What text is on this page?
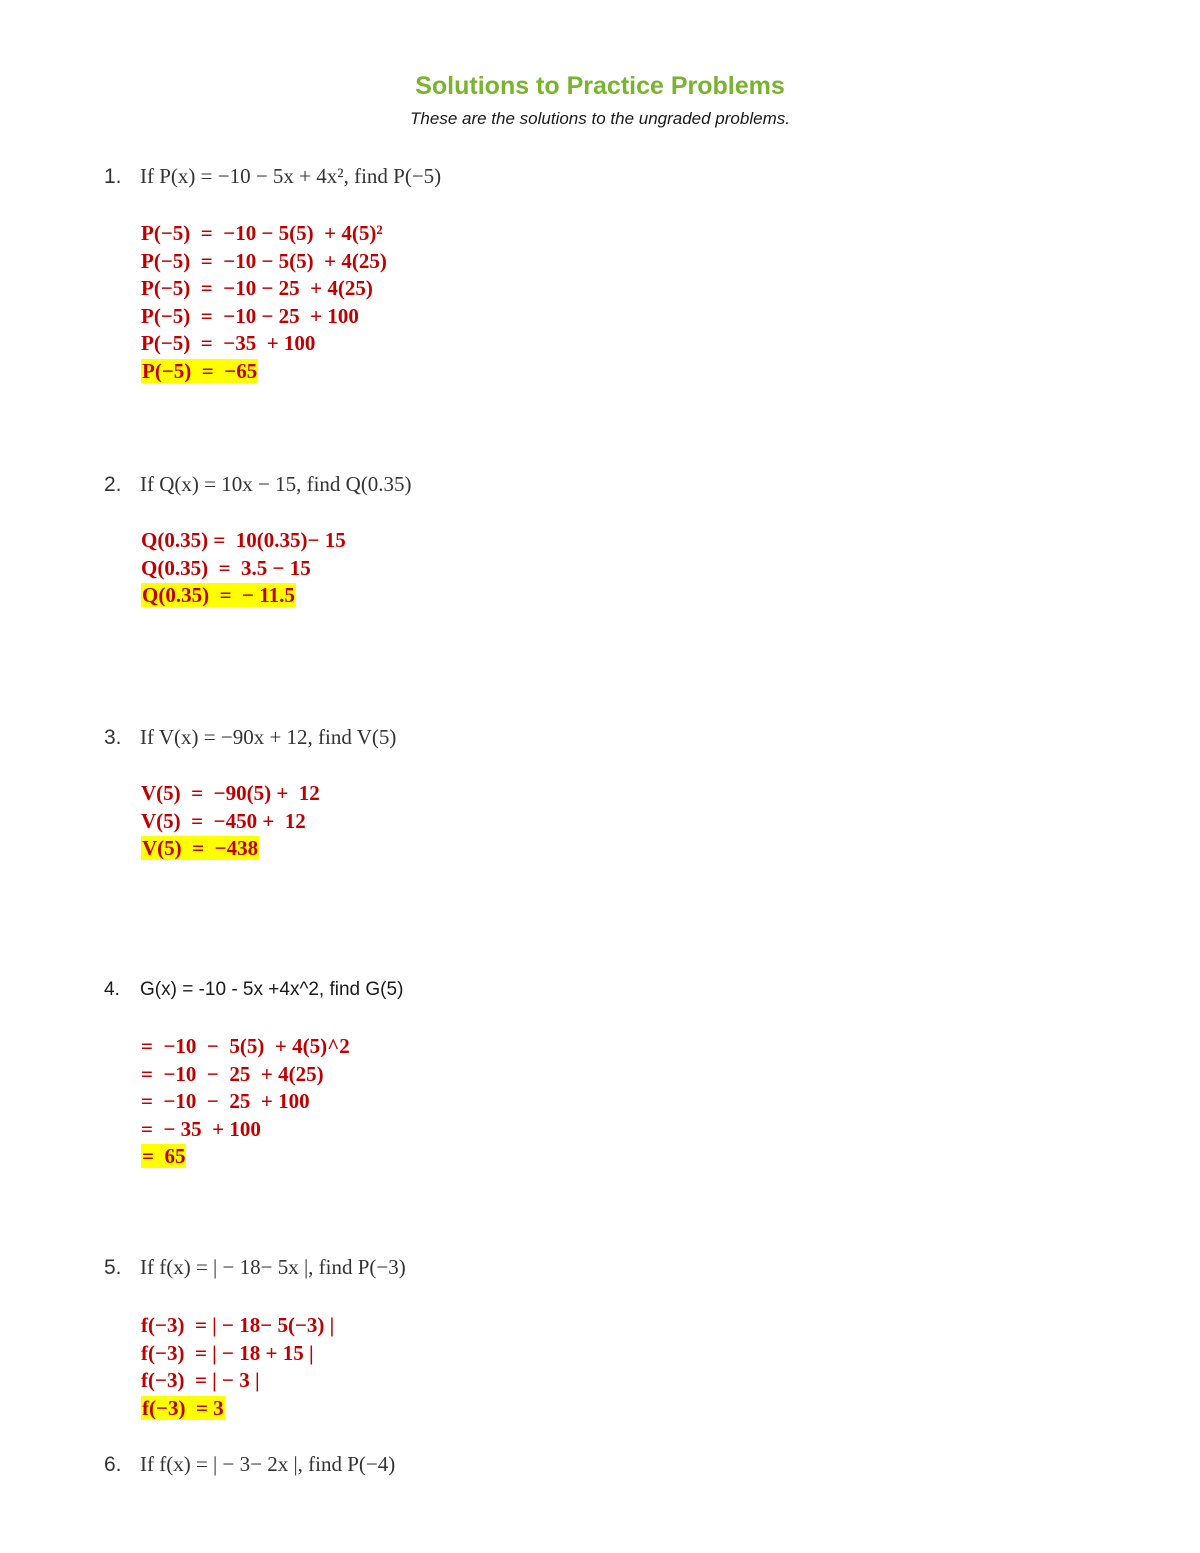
Solutions to Practice Problems
These are the solutions to the ungraded problems.
1. If P(x) = −10 − 5x + 4x², find P(−5)
P(−5)  =  −10 − 5(5)  + 4(5)²
P(−5)  =  −10 − 5(5)  + 4(25)
P(−5)  =  −10 − 25  + 4(25)
P(−5)  =  −10 − 25  + 100
P(−5)  =  −35  + 100
P(−5)  =  −65
2. If Q(x) = 10x − 15, find Q(0.35)
Q(0.35) =  10(0.35)− 15
Q(0.35)  =  3.5 − 15
Q(0.35)  =  − 11.5
3. If V(x) = −90x + 12, find V(5)
V(5)  =  −90(5) +  12
V(5)  =  −450 +  12
V(5)  =  −438
4. G(x) = -10 - 5x +4x^2, find G(5)
=  −10  −  5(5)  + 4(5)^2
=  −10  −  25  + 4(25)
=  −10  −  25  + 100
=  − 35  + 100
=  65
5. If f(x) = | − 18− 5x |, find P(−3)
f(−3)  = | − 18− 5(−3) |
f(−3)  = | − 18 + 15 |
f(−3)  = | − 3 |
f(−3)  = 3
6. If f(x) = | − 3− 2x |, find P(−4)
